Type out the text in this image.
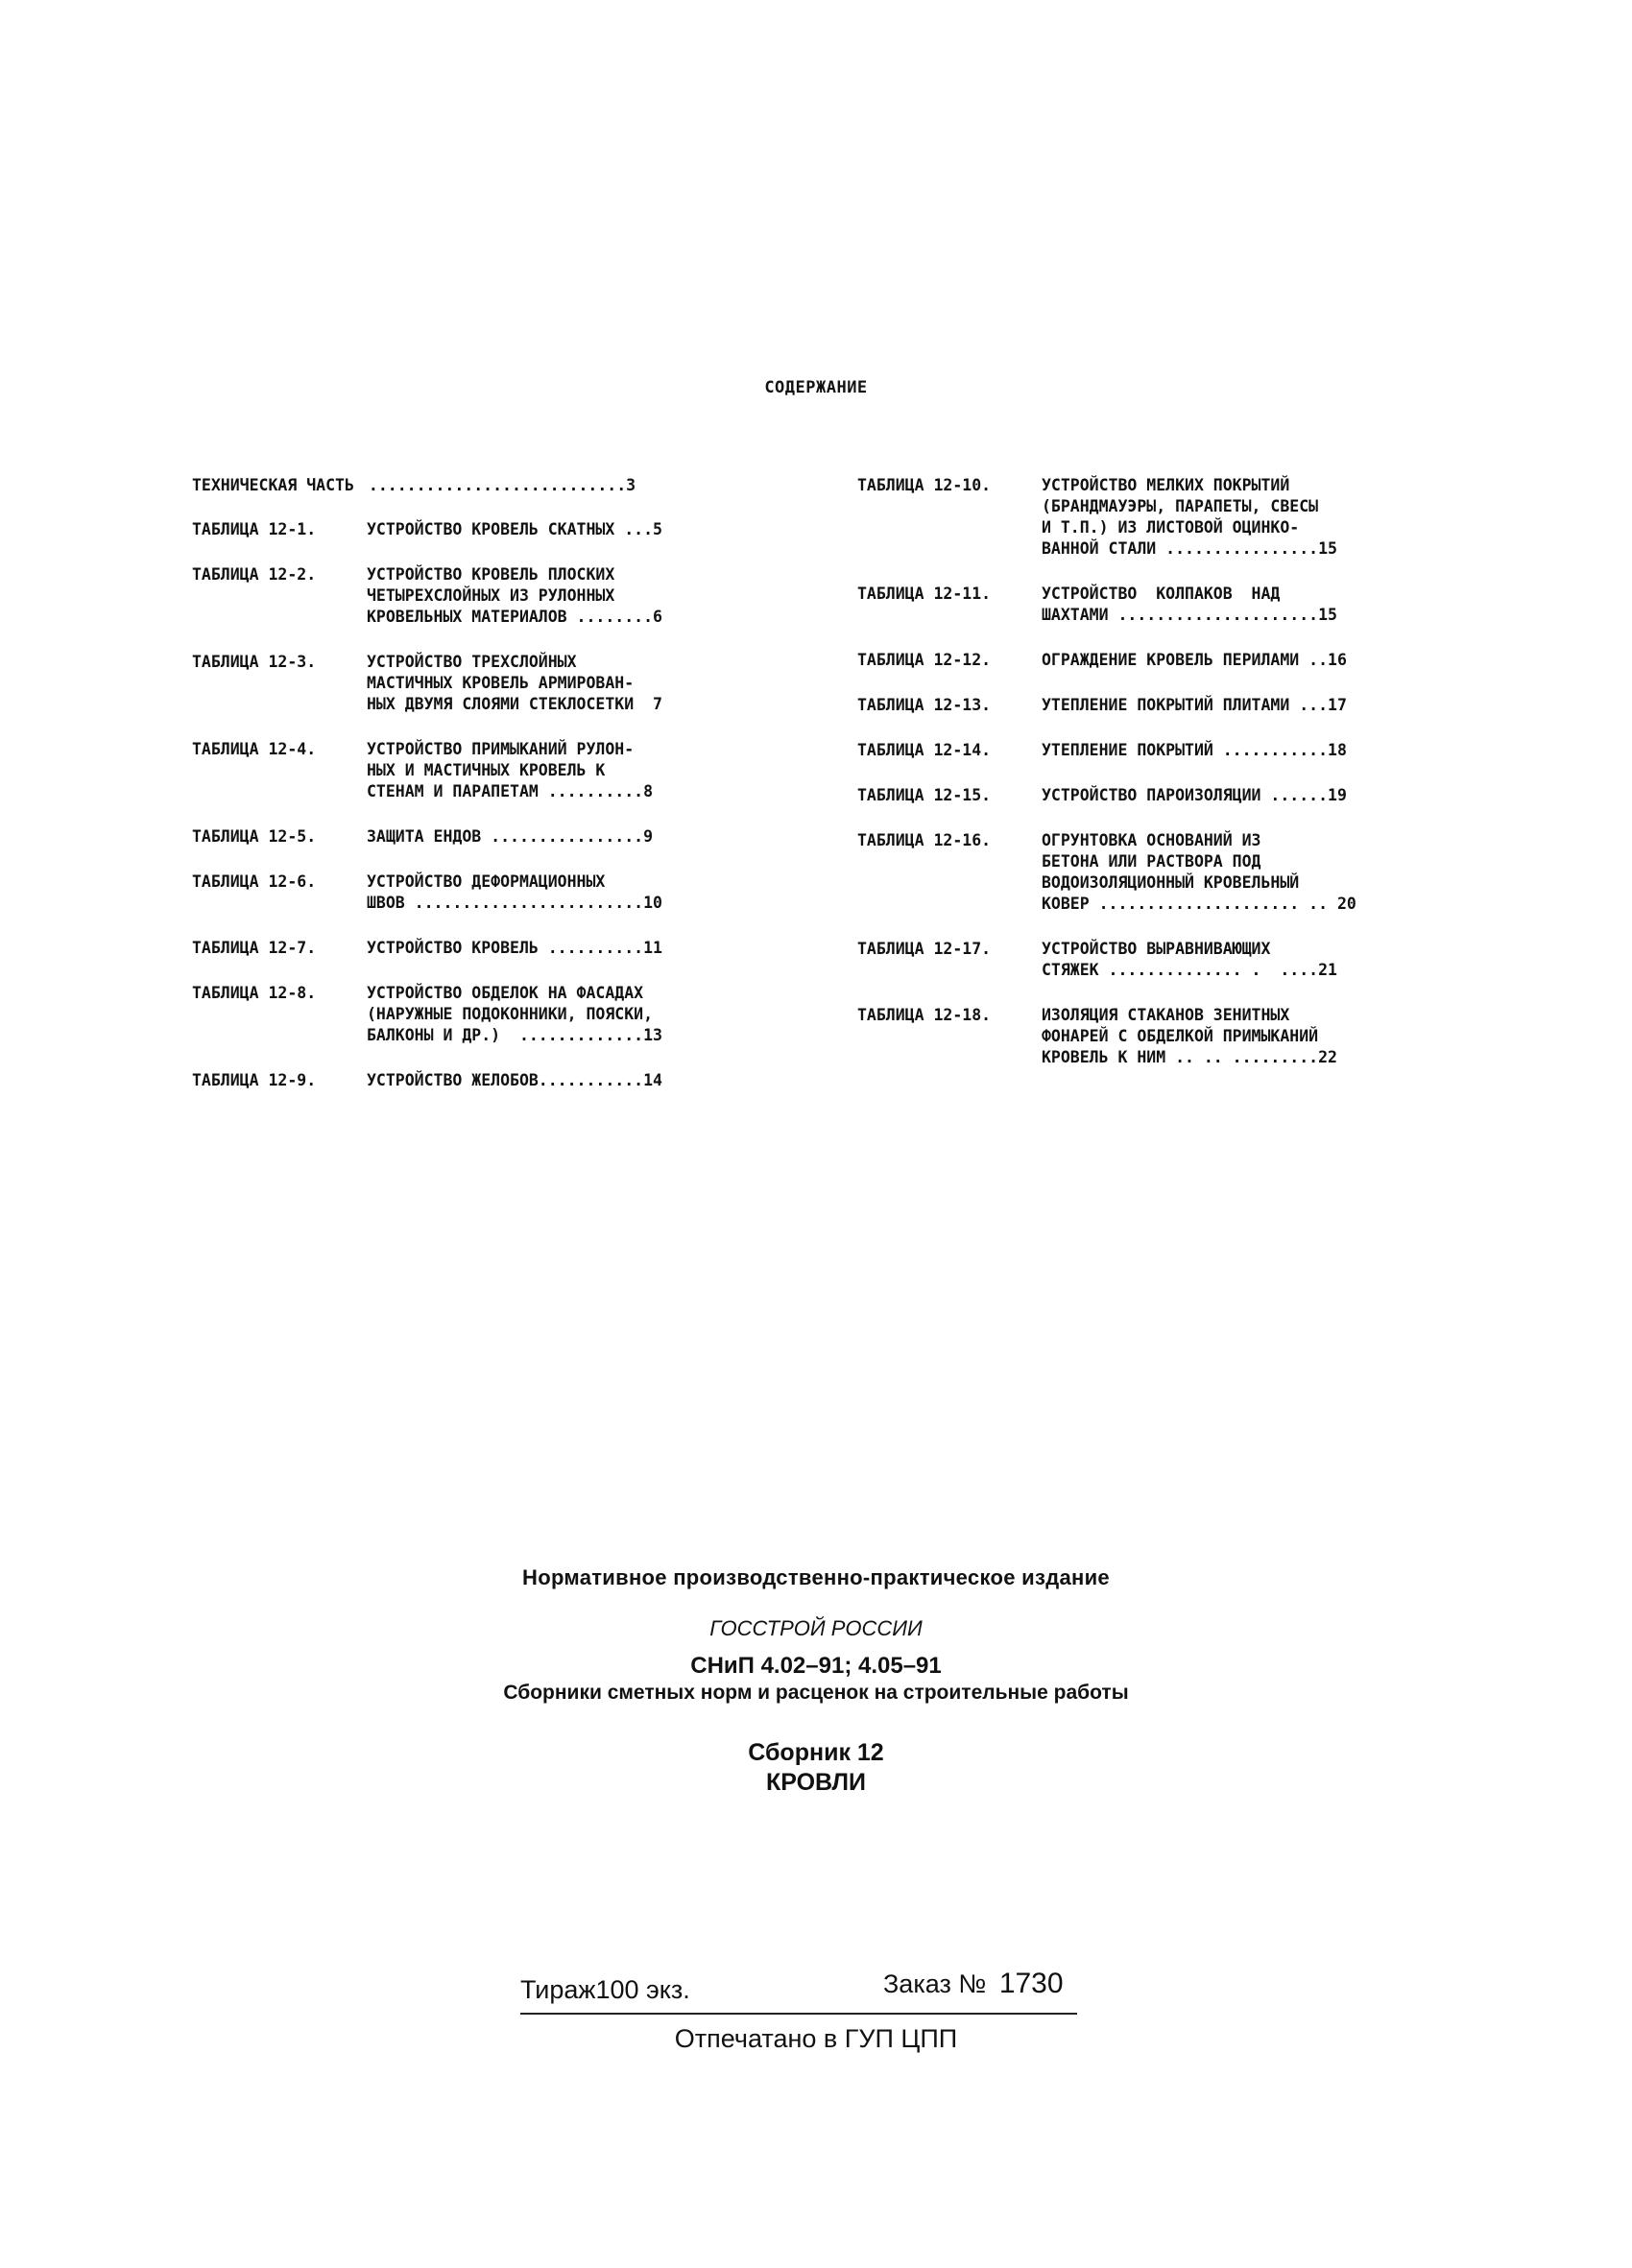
СОДЕРЖАНИЕ
ТЕХНИЧЕСКАЯ ЧАСТЬ ...........................3
ТАБЛИЦА 12-1.	УСТРОЙСТВО КРОВЕЛЬ СКАТНЫХ ...5
ТАБЛИЦА 12-2.	УСТРОЙСТВО КРОВЕЛЬ ПЛОСКИХ
ЧЕТЫРЕХСЛОЙНЫХ ИЗ РУЛОННЫХ
КРОВЕЛЬНЫХ МАТЕРИАЛОВ ........6
ТАБЛИЦА 12-3.	УСТРОЙСТВО ТРЕХСЛОЙНЫХ
МАСТИЧНЫХ КРОВЕЛЬ АРМИРОВАН-
НЫХ ДВУМЯ СЛОЯМИ СТЕКЛОСЕТКИ  7
ТАБЛИЦА 12-4.	УСТРОЙСТВО ПРИМЫКАНИЙ РУЛОН-
НЫХ И МАСТИЧНЫХ КРОВЕЛЬ К
СТЕНАМ И ПАРАПЕТАМ ..........8
ТАБЛИЦА 12-5.	ЗАЩИТА ЕНДОВ ................9
ТАБЛИЦА 12-6.	УСТРОЙСТВО ДЕФОРМАЦИОННЫХ
ШВОВ ........................10
ТАБЛИЦА 12-7.	УСТРОЙСТВО КРОВЕЛЬ ..........11
ТАБЛИЦА 12-8.	УСТРОЙСТВО ОБДЕЛОК НА ФАСАДАХ
(НАРУЖНЫЕ ПОДОКОННИКИ, ПОЯСКИ,
БАЛКОНЫ И ДР.)  .............13
ТАБЛИЦА 12-9.	УСТРОЙСТВО ЖЕЛОБОВ...........14
ТАБЛИЦА 12-10.	УСТРОЙСТВО МЕЛКИХ ПОКРЫТИЙ
(БРАНДМАУЭРЫ, ПАРАПЕТЫ, СВЕСЫ
И Т.П.) ИЗ ЛИСТОВОЙ ОЦИНКО-
ВАННОЙ СТАЛИ ................15
ТАБЛИЦА 12-11.	УСТРОЙСТВО  КОЛПАКОВ  НАД
ШАХТАМИ .....................15
ТАБЛИЦА 12-12.	ОГРАЖДЕНИЕ КРОВЕЛЬ ПЕРИЛАМИ ..16
ТАБЛИЦА 12-13.	УТЕПЛЕНИЕ ПОКРЫТИЙ ПЛИТАМИ ...17
ТАБЛИЦА 12-14.	УТЕПЛЕНИЕ ПОКРЫТИЙ ...........18
ТАБЛИЦА 12-15.	УСТРОЙСТВО ПАРОИЗОЛЯЦИИ ......19
ТАБЛИЦА 12-16.	ОГРУНТОВКА ОСНОВАНИЙ ИЗ
БЕТОНА ИЛИ РАСТВОРА ПОД
ВОДОИЗОЛЯЦИОННЫЙ КРОВЕЛЬНЫЙ
КОВЕР ..................... .. 20
ТАБЛИЦА 12-17.	УСТРОЙСТВО ВЫРАВНИВАЮЩИХ
СТЯЖЕК .............. .  ....21
ТАБЛИЦА 12-18.	ИЗОЛЯЦИЯ СТАКАНОВ ЗЕНИТНЫХ
ФОНАРЕЙ С ОБДЕЛКОЙ ПРИМЫКАНИЙ
КРОВЕЛЬ К НИМ .. .. .........22
Нормативное производственно-практическое издание
ГОССТРОЙ РОССИИ
СНиП 4.02–91; 4.05–91
Сборники сметных норм и расценок на строительные работы
Сборник 12
КРОВЛИ
Тираж100 экз.	Заказ № 1730
Отпечатано в ГУП ЦПП
